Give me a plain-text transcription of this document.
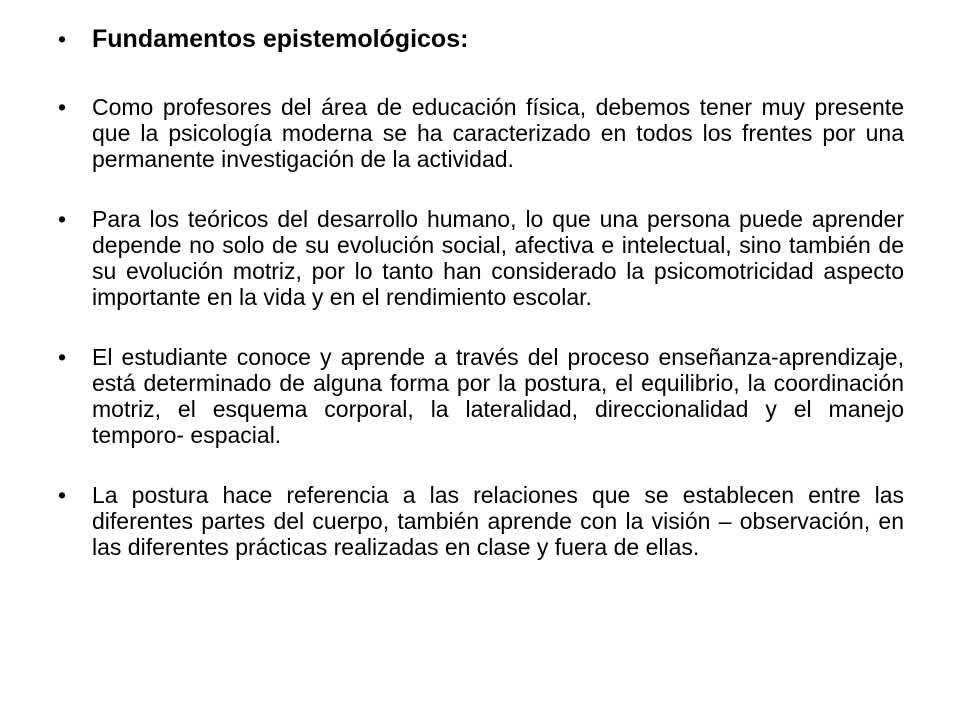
•	Fundamentos epistemológicos:
•	Como profesores del área de educación física, debemos tener muy presente que la psicología moderna se ha caracterizado en todos los frentes por una permanente investigación de la actividad.
•	Para los teóricos del desarrollo humano, lo que una persona puede aprender depende no solo de su evolución social, afectiva e intelectual, sino también de su evolución motriz, por lo tanto han considerado la psicomotricidad aspecto importante en la vida y en el rendimiento escolar.
•	El estudiante conoce y aprende a través del proceso enseñanza-aprendizaje, está determinado de alguna forma por la postura, el equilibrio, la coordinación motriz, el esquema corporal, la lateralidad, direccionalidad y el manejo temporo- espacial.
•	La postura hace referencia a las relaciones que se establecen entre las diferentes partes del cuerpo, también aprende con la visión – observación, en las diferentes prácticas realizadas en clase y fuera de ellas.
